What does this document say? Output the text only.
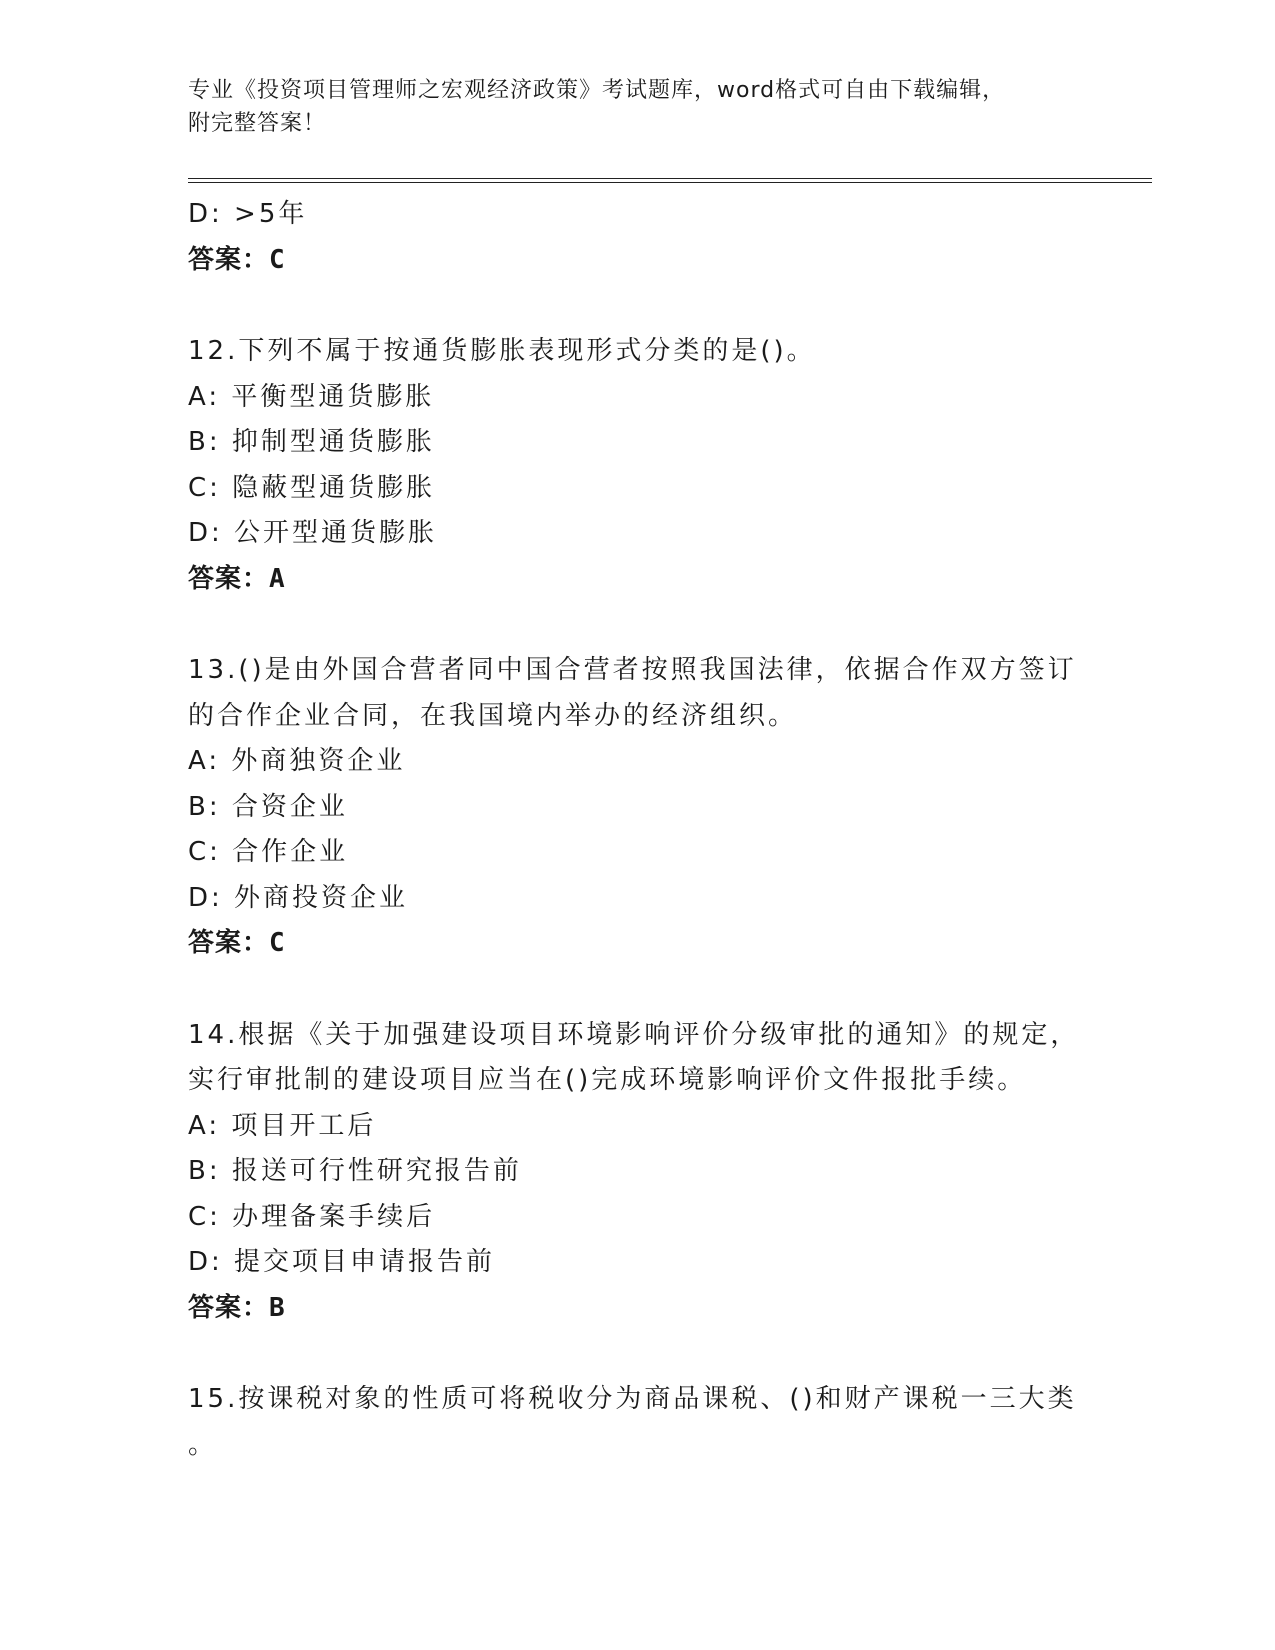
专业《投资项目管理师之宏观经济政策》考试题库，word格式可自由下载编辑，
附完整答案！
D: >5年
答案：C
12.下列不属于按通货膨胀表现形式分类的是()。
A: 平衡型通货膨胀
B: 抑制型通货膨胀
C: 隐蔽型通货膨胀
D: 公开型通货膨胀
答案：A
13.()是由外国合营者同中国合营者按照我国法律，依据合作双方签订
的合作企业合同，在我国境内举办的经济组织。
A: 外商独资企业
B: 合资企业
C: 合作企业
D: 外商投资企业
答案：C
14.根据《关于加强建设项目环境影响评价分级审批的通知》的规定，
实行审批制的建设项目应当在()完成环境影响评价文件报批手续。
A: 项目开工后
B: 报送可行性研究报告前
C: 办理备案手续后
D: 提交项目申请报告前
答案：B
15.按课税对象的性质可将税收分为商品课税、()和财产课税一三大类
。
